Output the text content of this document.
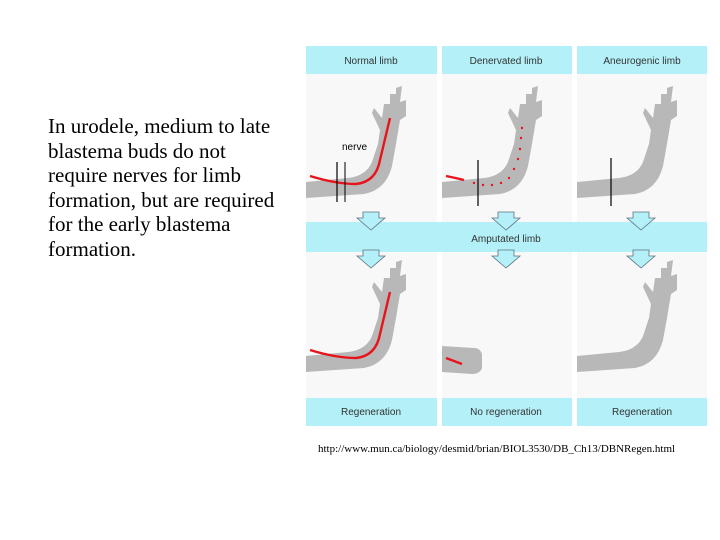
In urodele, medium to late blastema buds do not require nerves for limb formation, but are required for the early blastema formation.
Normal limb	Denervated limb	Aneurogenic limb
nerve
Amputated limb
Regeneration	No regeneration	Regeneration
http://www.mun.ca/biology/desmid/brian/BIOL3530/DB_Ch13/DBNRegen.html
